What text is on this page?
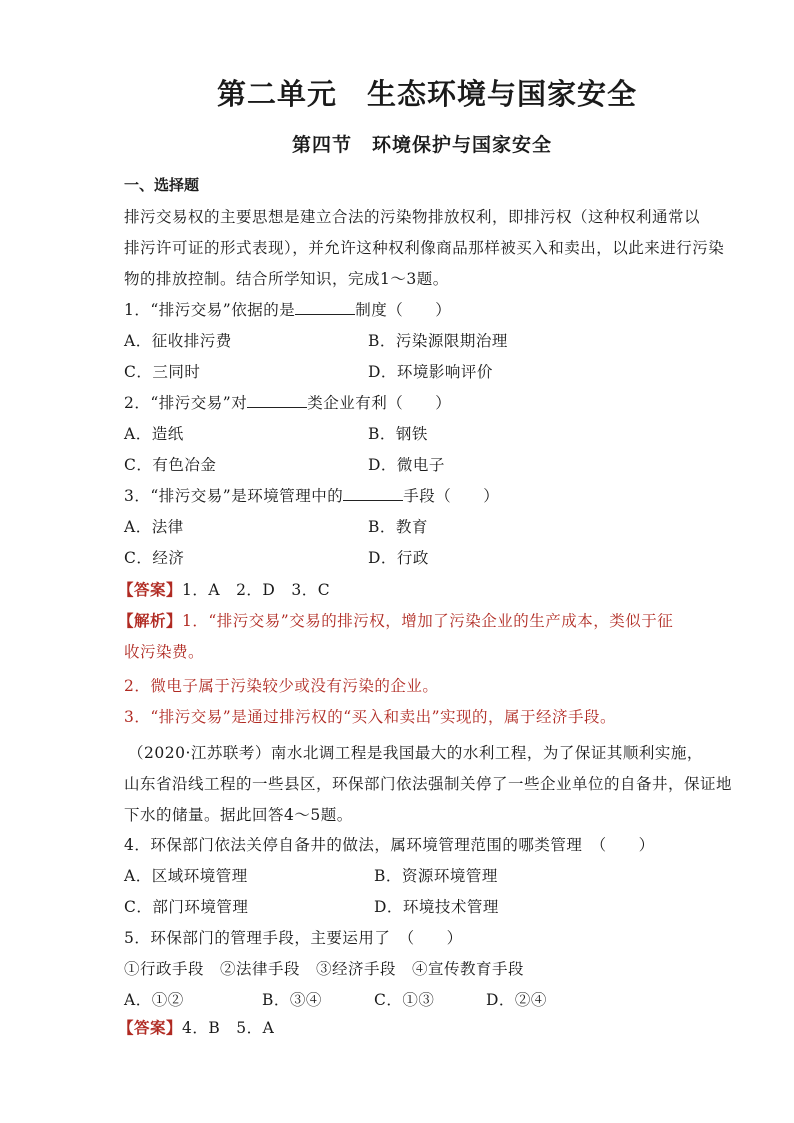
第二单元　生态环境与国家安全
第四节　环境保护与国家安全
一、选择题
排污交易权的主要思想是建立合法的污染物排放权利，即排污权（这种权利通常以
排污许可证的形式表现），并允许这种权利像商品那样被买入和卖出，以此来进行污染
物的排放控制。结合所学知识，完成1～3题。
1．“排污交易”依据的是	制度（　　）
A．征收排污费	B．污染源限期治理
C．三同时	D．环境影响评价
2．“排污交易”对	类企业有利（　　）
A．造纸	B．钢铁
C．有色冶金	D．微电子
3．“排污交易”是环境管理中的	手段（　　）
A．法律	B．教育
C．经济	D．行政
【答案】1．A　2．D　3．C
【解析】1．“排污交易”交易的排污权，增加了污染企业的生产成本，类似于征
收污染费。
2．微电子属于污染较少或没有污染的企业。
3．“排污交易”是通过排污权的“买入和卖出”实现的，属于经济手段。
（2020·江苏联考）南水北调工程是我国最大的水利工程，为了保证其顺利实施，
山东省沿线工程的一些县区，环保部门依法强制关停了一些企业单位的自备井，保证地
下水的储量。据此回答4～5题。
4．环保部门依法关停自备井的做法，属环境管理范围的哪类管理　（　　）
A．区域环境管理	B．资源环境管理
C．部门环境管理	D．环境技术管理
5．环保部门的管理手段，主要运用了　（　　）
①行政手段　②法律手段　③经济手段　④宣传教育手段
A．①②	B．③④	C．①③	D．②④
【答案】4．B　5．A
